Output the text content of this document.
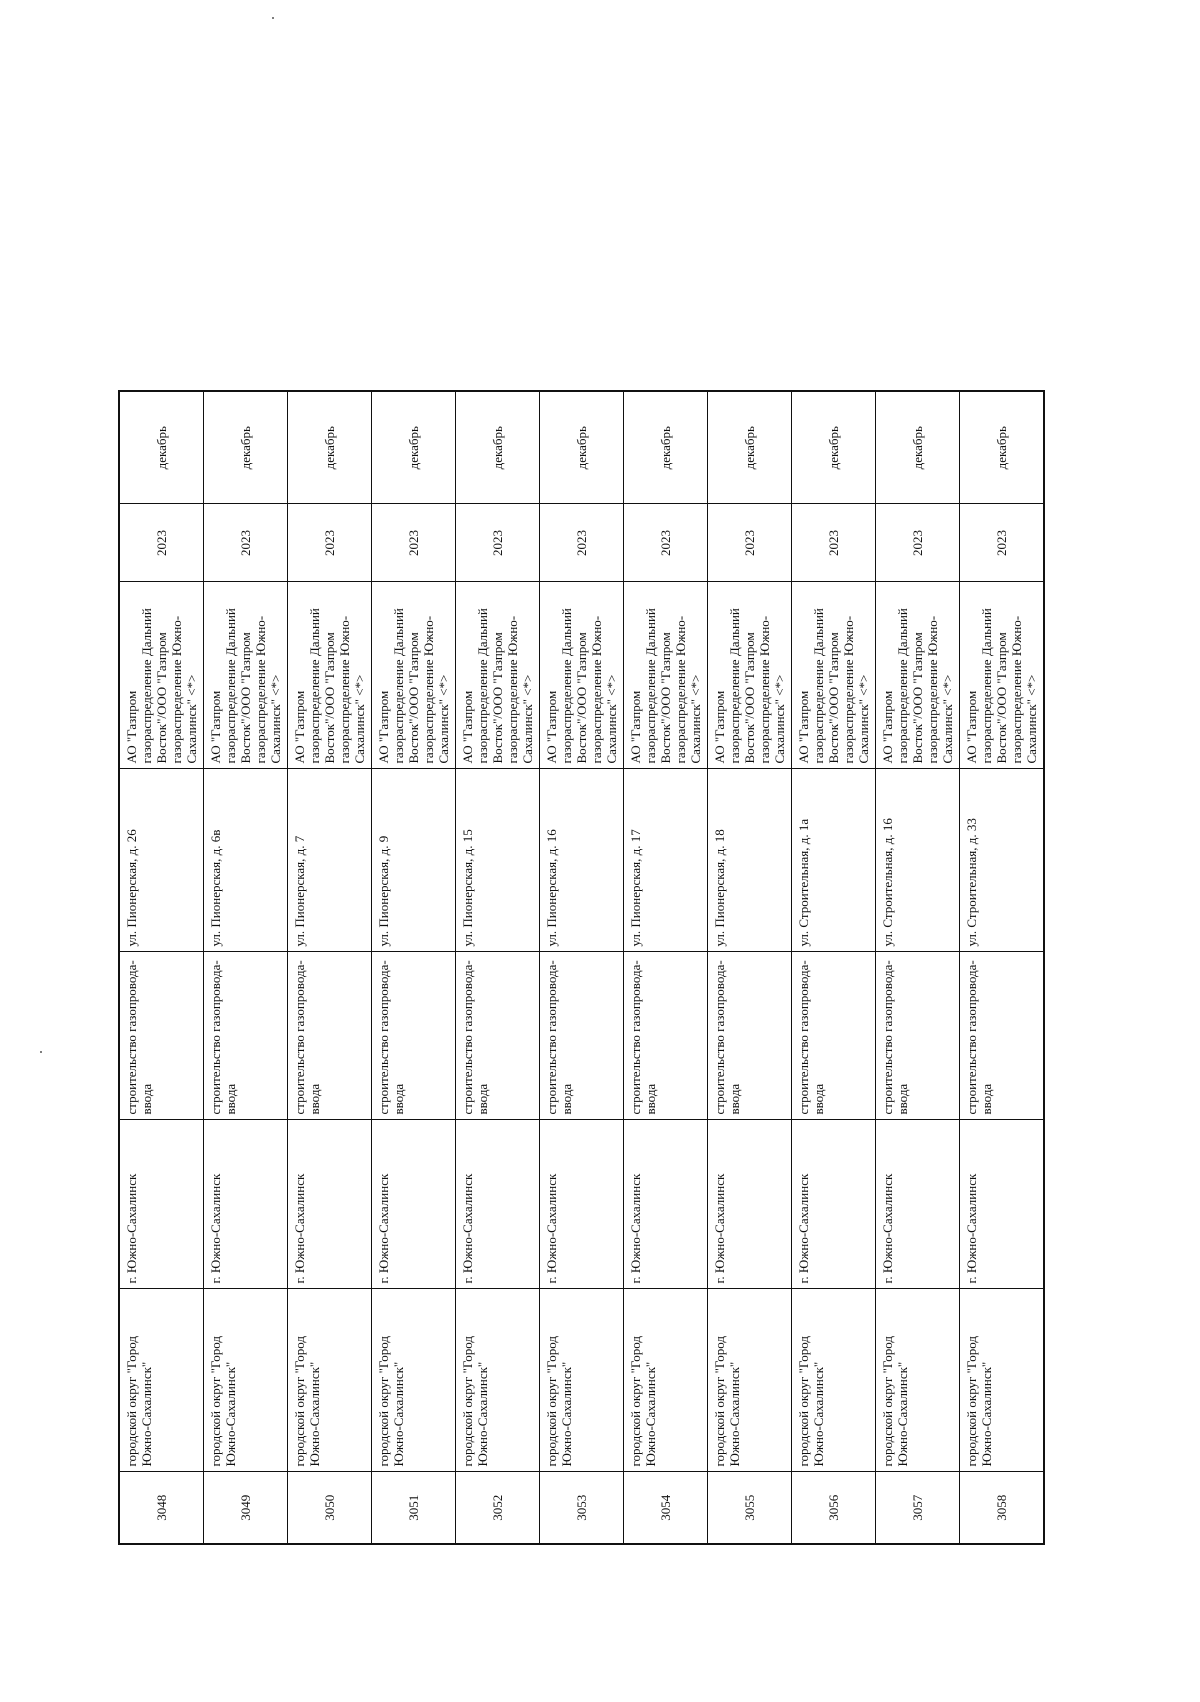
3048	городской округ "Город Южно-Сахалинск"	г. Южно-Сахалинск	строительство газопровода-ввода	ул. Пионерская, д. 26	АО "Газпром газораспределение Дальний Восток"/ООО "Газпром газораспределение Южно-Сахалинск" <*>	2023	декабрь
3049	городской округ "Город Южно-Сахалинск"	г. Южно-Сахалинск	строительство газопровода-ввода	ул. Пионерская, д. 6в	АО "Газпром газораспределение Дальний Восток"/ООО "Газпром газораспределение Южно-Сахалинск" <*>	2023	декабрь
3050	городской округ "Город Южно-Сахалинск"	г. Южно-Сахалинск	строительство газопровода-ввода	ул. Пионерская, д. 7	АО "Газпром газораспределение Дальний Восток"/ООО "Газпром газораспределение Южно-Сахалинск" <*>	2023	декабрь
3051	городской округ "Город Южно-Сахалинск"	г. Южно-Сахалинск	строительство газопровода-ввода	ул. Пионерская, д. 9	АО "Газпром газораспределение Дальний Восток"/ООО "Газпром газораспределение Южно-Сахалинск" <*>	2023	декабрь
3052	городской округ "Город Южно-Сахалинск"	г. Южно-Сахалинск	строительство газопровода-ввода	ул. Пионерская, д. 15	АО "Газпром газораспределение Дальний Восток"/ООО "Газпром газораспределение Южно-Сахалинск" <*>	2023	декабрь
3053	городской округ "Город Южно-Сахалинск"	г. Южно-Сахалинск	строительство газопровода-ввода	ул. Пионерская, д. 16	АО "Газпром газораспределение Дальний Восток"/ООО "Газпром газораспределение Южно-Сахалинск" <*>	2023	декабрь
3054	городской округ "Город Южно-Сахалинск"	г. Южно-Сахалинск	строительство газопровода-ввода	ул. Пионерская, д. 17	АО "Газпром газораспределение Дальний Восток"/ООО "Газпром газораспределение Южно-Сахалинск" <*>	2023	декабрь
3055	городской округ "Город Южно-Сахалинск"	г. Южно-Сахалинск	строительство газопровода-ввода	ул. Пионерская, д. 18	АО "Газпром газораспределение Дальний Восток"/ООО "Газпром газораспределение Южно-Сахалинск" <*>	2023	декабрь
3056	городской округ "Город Южно-Сахалинск"	г. Южно-Сахалинск	строительство газопровода-ввода	ул. Строительная, д. 1а	АО "Газпром газораспределение Дальний Восток"/ООО "Газпром газораспределение Южно-Сахалинск" <*>	2023	декабрь
3057	городской округ "Город Южно-Сахалинск"	г. Южно-Сахалинск	строительство газопровода-ввода	ул. Строительная, д. 16	АО "Газпром газораспределение Дальний Восток"/ООО "Газпром газораспределение Южно-Сахалинск" <*>	2023	декабрь
3058	городской округ "Город Южно-Сахалинск"	г. Южно-Сахалинск	строительство газопровода-ввода	ул. Строительная, д. 33	АО "Газпром газораспределение Дальний Восток"/ООО "Газпром газораспределение Южно-Сахалинск" <*>	2023	декабрь
